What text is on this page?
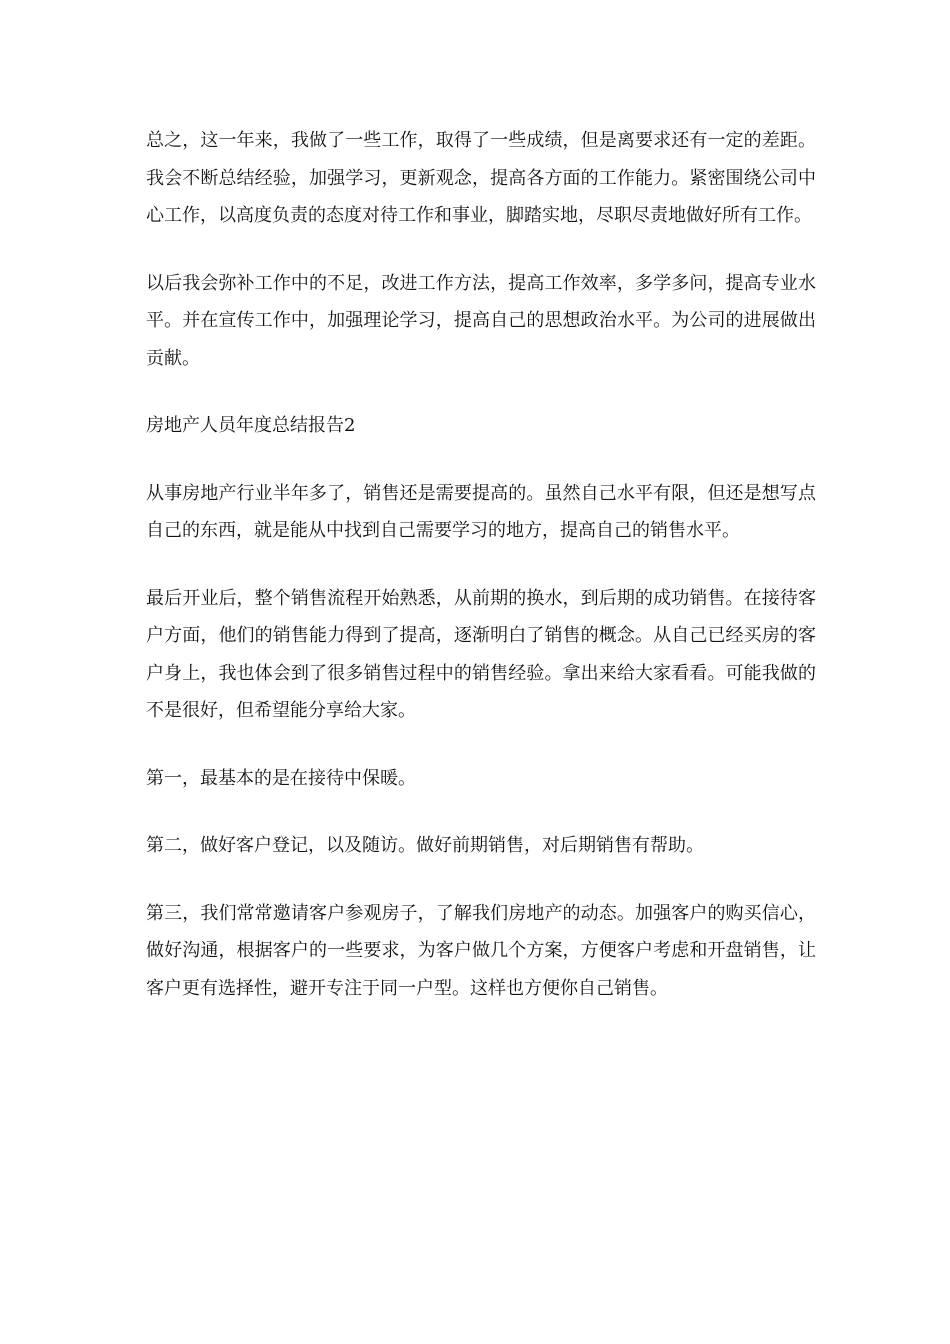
总之，这一年来，我做了一些工作，取得了一些成绩，但是离要求还有一定的差距。我会不断总结经验，加强学习，更新观念，提高各方面的工作能力。紧密围绕公司中心工作，以高度负责的态度对待工作和事业，脚踏实地，尽职尽责地做好所有工作。

以后我会弥补工作中的不足，改进工作方法，提高工作效率，多学多问，提高专业水平。并在宣传工作中，加强理论学习，提高自己的思想政治水平。为公司的进展做出贡献。

房地产人员年度总结报告2

从事房地产行业半年多了，销售还是需要提高的。虽然自己水平有限，但还是想写点自己的东西，就是能从中找到自己需要学习的地方，提高自己的销售水平。

最后开业后，整个销售流程开始熟悉，从前期的换水，到后期的成功销售。在接待客户方面，他们的销售能力得到了提高，逐渐明白了销售的概念。从自己已经买房的客户身上，我也体会到了很多销售过程中的销售经验。拿出来给大家看看。可能我做的不是很好，但希望能分享给大家。

第一，最基本的是在接待中保暖。

第二，做好客户登记，以及随访。做好前期销售，对后期销售有帮助。

第三，我们常常邀请客户参观房子，了解我们房地产的动态。加强客户的购买信心，做好沟通，根据客户的一些要求，为客户做几个方案，方便客户考虑和开盘销售，让客户更有选择性，避开专注于同一户型。这样也方便你自己销售。
